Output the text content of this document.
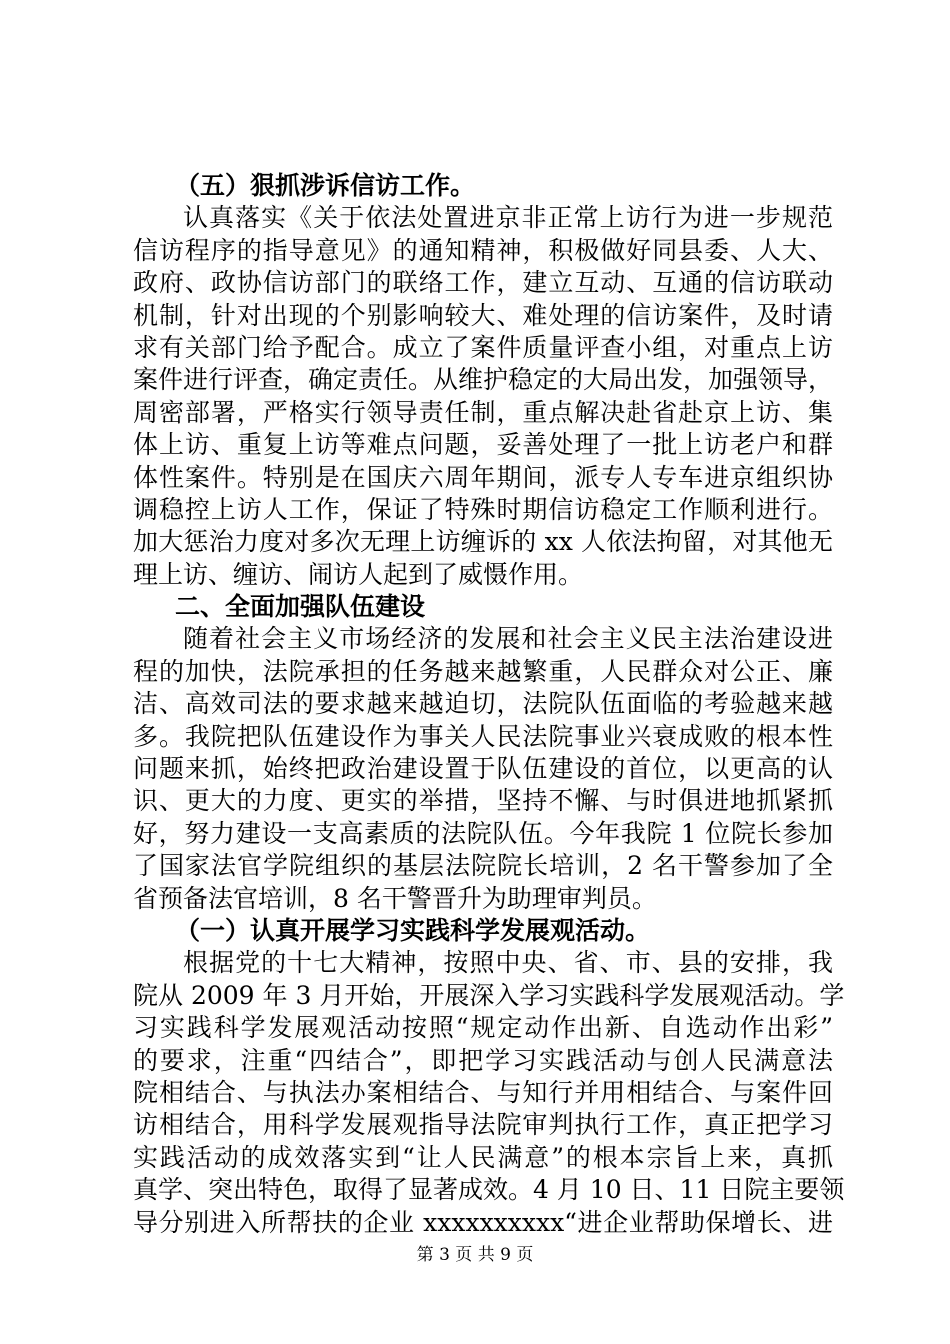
（五）狠抓涉诉信访工作。
认真落实《关于依法处置进京非正常上访行为进一步规范
信访程序的指导意见》的通知精神，积极做好同县委、人大、
政府、政协信访部门的联络工作，建立互动、互通的信访联动
机制，针对出现的个别影响较大、难处理的信访案件，及时请
求有关部门给予配合。成立了案件质量评查小组，对重点上访
案件进行评查，确定责任。从维护稳定的大局出发，加强领导，
周密部署，严格实行领导责任制，重点解决赴省赴京上访、集
体上访、重复上访等难点问题，妥善处理了一批上访老户和群
体性案件。特别是在国庆六周年期间，派专人专车进京组织协
调稳控上访人工作，保证了特殊时期信访稳定工作顺利进行。
加大惩治力度对多次无理上访缠诉的 xx 人依法拘留，对其他无
理上访、缠访、闹访人起到了威慑作用。
二、全面加强队伍建设
随着社会主义市场经济的发展和社会主义民主法治建设进
程的加快，法院承担的任务越来越繁重，人民群众对公正、廉
洁、高效司法的要求越来越迫切，法院队伍面临的考验越来越
多。我院把队伍建设作为事关人民法院事业兴衰成败的根本性
问题来抓，始终把政治建设置于队伍建设的首位，以更高的认
识、更大的力度、更实的举措，坚持不懈、与时俱进地抓紧抓
好，努力建设一支高素质的法院队伍。今年我院 1 位院长参加
了国家法官学院组织的基层法院院长培训，2 名干警参加了全
省预备法官培训，8 名干警晋升为助理审判员。
（一）认真开展学习实践科学发展观活动。
根据党的十七大精神，按照中央、省、市、县的安排，我
院从 2009 年 3 月开始，开展深入学习实践科学发展观活动。学
习实践科学发展观活动按照“规定动作出新、自选动作出彩”
的要求，注重“四结合”，即把学习实践活动与创人民满意法
院相结合、与执法办案相结合、与知行并用相结合、与案件回
访相结合，用科学发展观指导法院审判执行工作，真正把学习
实践活动的成效落实到“让人民满意”的根本宗旨上来，真抓
真学、突出特色，取得了显著成效。4 月 10 日、11 日院主要领
导分别进入所帮扶的企业 xxxxxxxxxx“进企业帮助保增长、进
第 3 页 共 9 页
